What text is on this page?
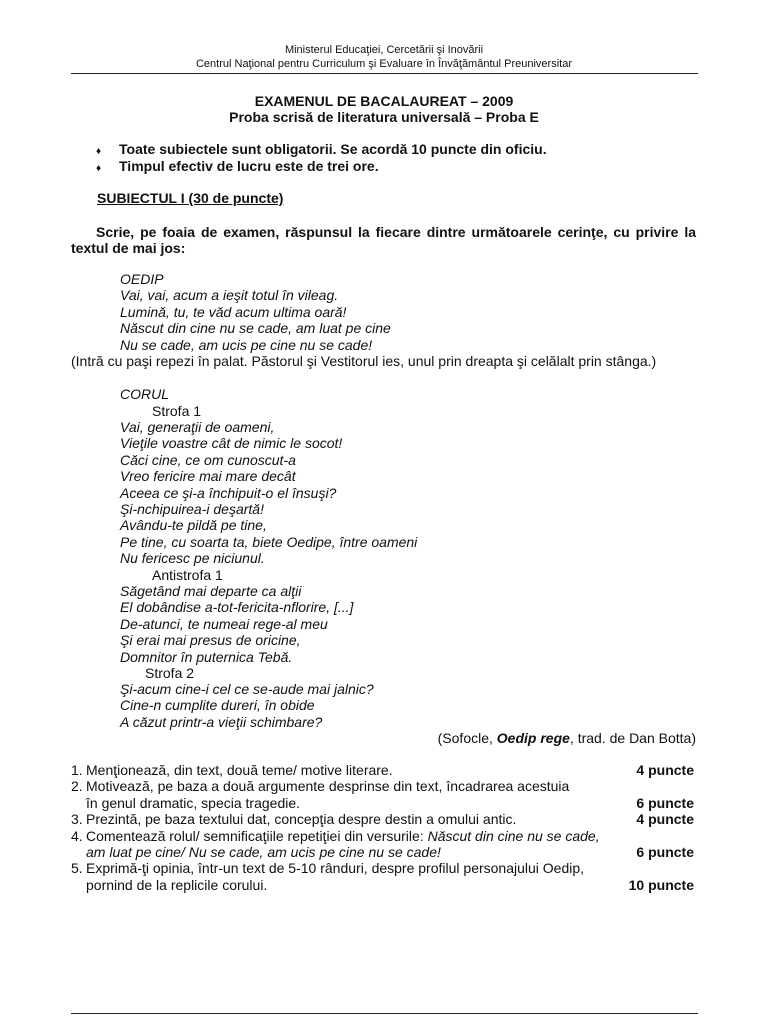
Ministerul Educaţiei, Cercetării şi Inovării
Centrul Naţional pentru Curriculum şi Evaluare în Învăţământul Preuniversitar
EXAMENUL DE BACALAUREAT – 2009
Proba scrisă de literatura universală – Proba E
♦	Toate subiectele sunt obligatorii. Se acordă 10 puncte din oficiu.
♦	Timpul efectiv de lucru este de trei ore.
SUBIECTUL I (30 de puncte)
Scrie, pe foaia de examen, răspunsul la fiecare dintre următoarele cerinţe, cu privire la textul de mai jos:
OEDIP
Vai, vai, acum a ieşit totul în vileag.
Lumină, tu, te văd acum ultima oară!
Născut din cine nu se cade, am luat pe cine
Nu se cade, am ucis pe cine nu se cade!
(Intră cu paşi repezi în palat. Păstorul şi Vestitorul ies, unul prin dreapta şi celălalt prin stânga.)
CORUL
Strofa 1
Vai, generaţii de oameni,
Vieţile voastre cât de nimic le socot!
Căci cine, ce om cunoscut-a
Vreo fericire mai mare decât
Aceea ce şi-a închipuit-o el însuşi?
Şi-nchipuirea-i deşartă!
Avându-te pildă pe tine,
Pe tine, cu soarta ta, biete Oedipe, între oameni
Nu fericesc pe niciunul.
Antistrofa 1
Săgetând mai departe ca alţii
El dobândise a-tot-fericita-nflorire, [...]
De-atunci, te numeai rege-al meu
Şi erai mai presus de oricine,
Domnitor în puternica Tebă.
Strofa 2
Şi-acum cine-i cel ce se-aude mai jalnic?
Cine-n cumplite dureri, în obide
A căzut printr-a vieţii schimbare?
(Sofocle, Oedip rege, trad. de Dan Botta)
1. Menţionează, din text, două teme/ motive literare.	4 puncte
2. Motivează, pe baza a două argumente desprinse din text, încadrarea acestuia
în genul dramatic, specia tragedie.	6 puncte
3. Prezintă, pe baza textului dat, concepţia despre destin a omului antic.	4 puncte
4. Comentează rolul/ semnificaţiile repetiţiei din versurile: Născut din cine nu se cade,
am luat pe cine/ Nu se cade, am ucis pe cine nu se cade!	6 puncte
5. Exprimă-ţi opinia, într-un text de 5-10 rânduri, despre profilul personajului Oedip,
pornind de la replicile corului.	10 puncte
